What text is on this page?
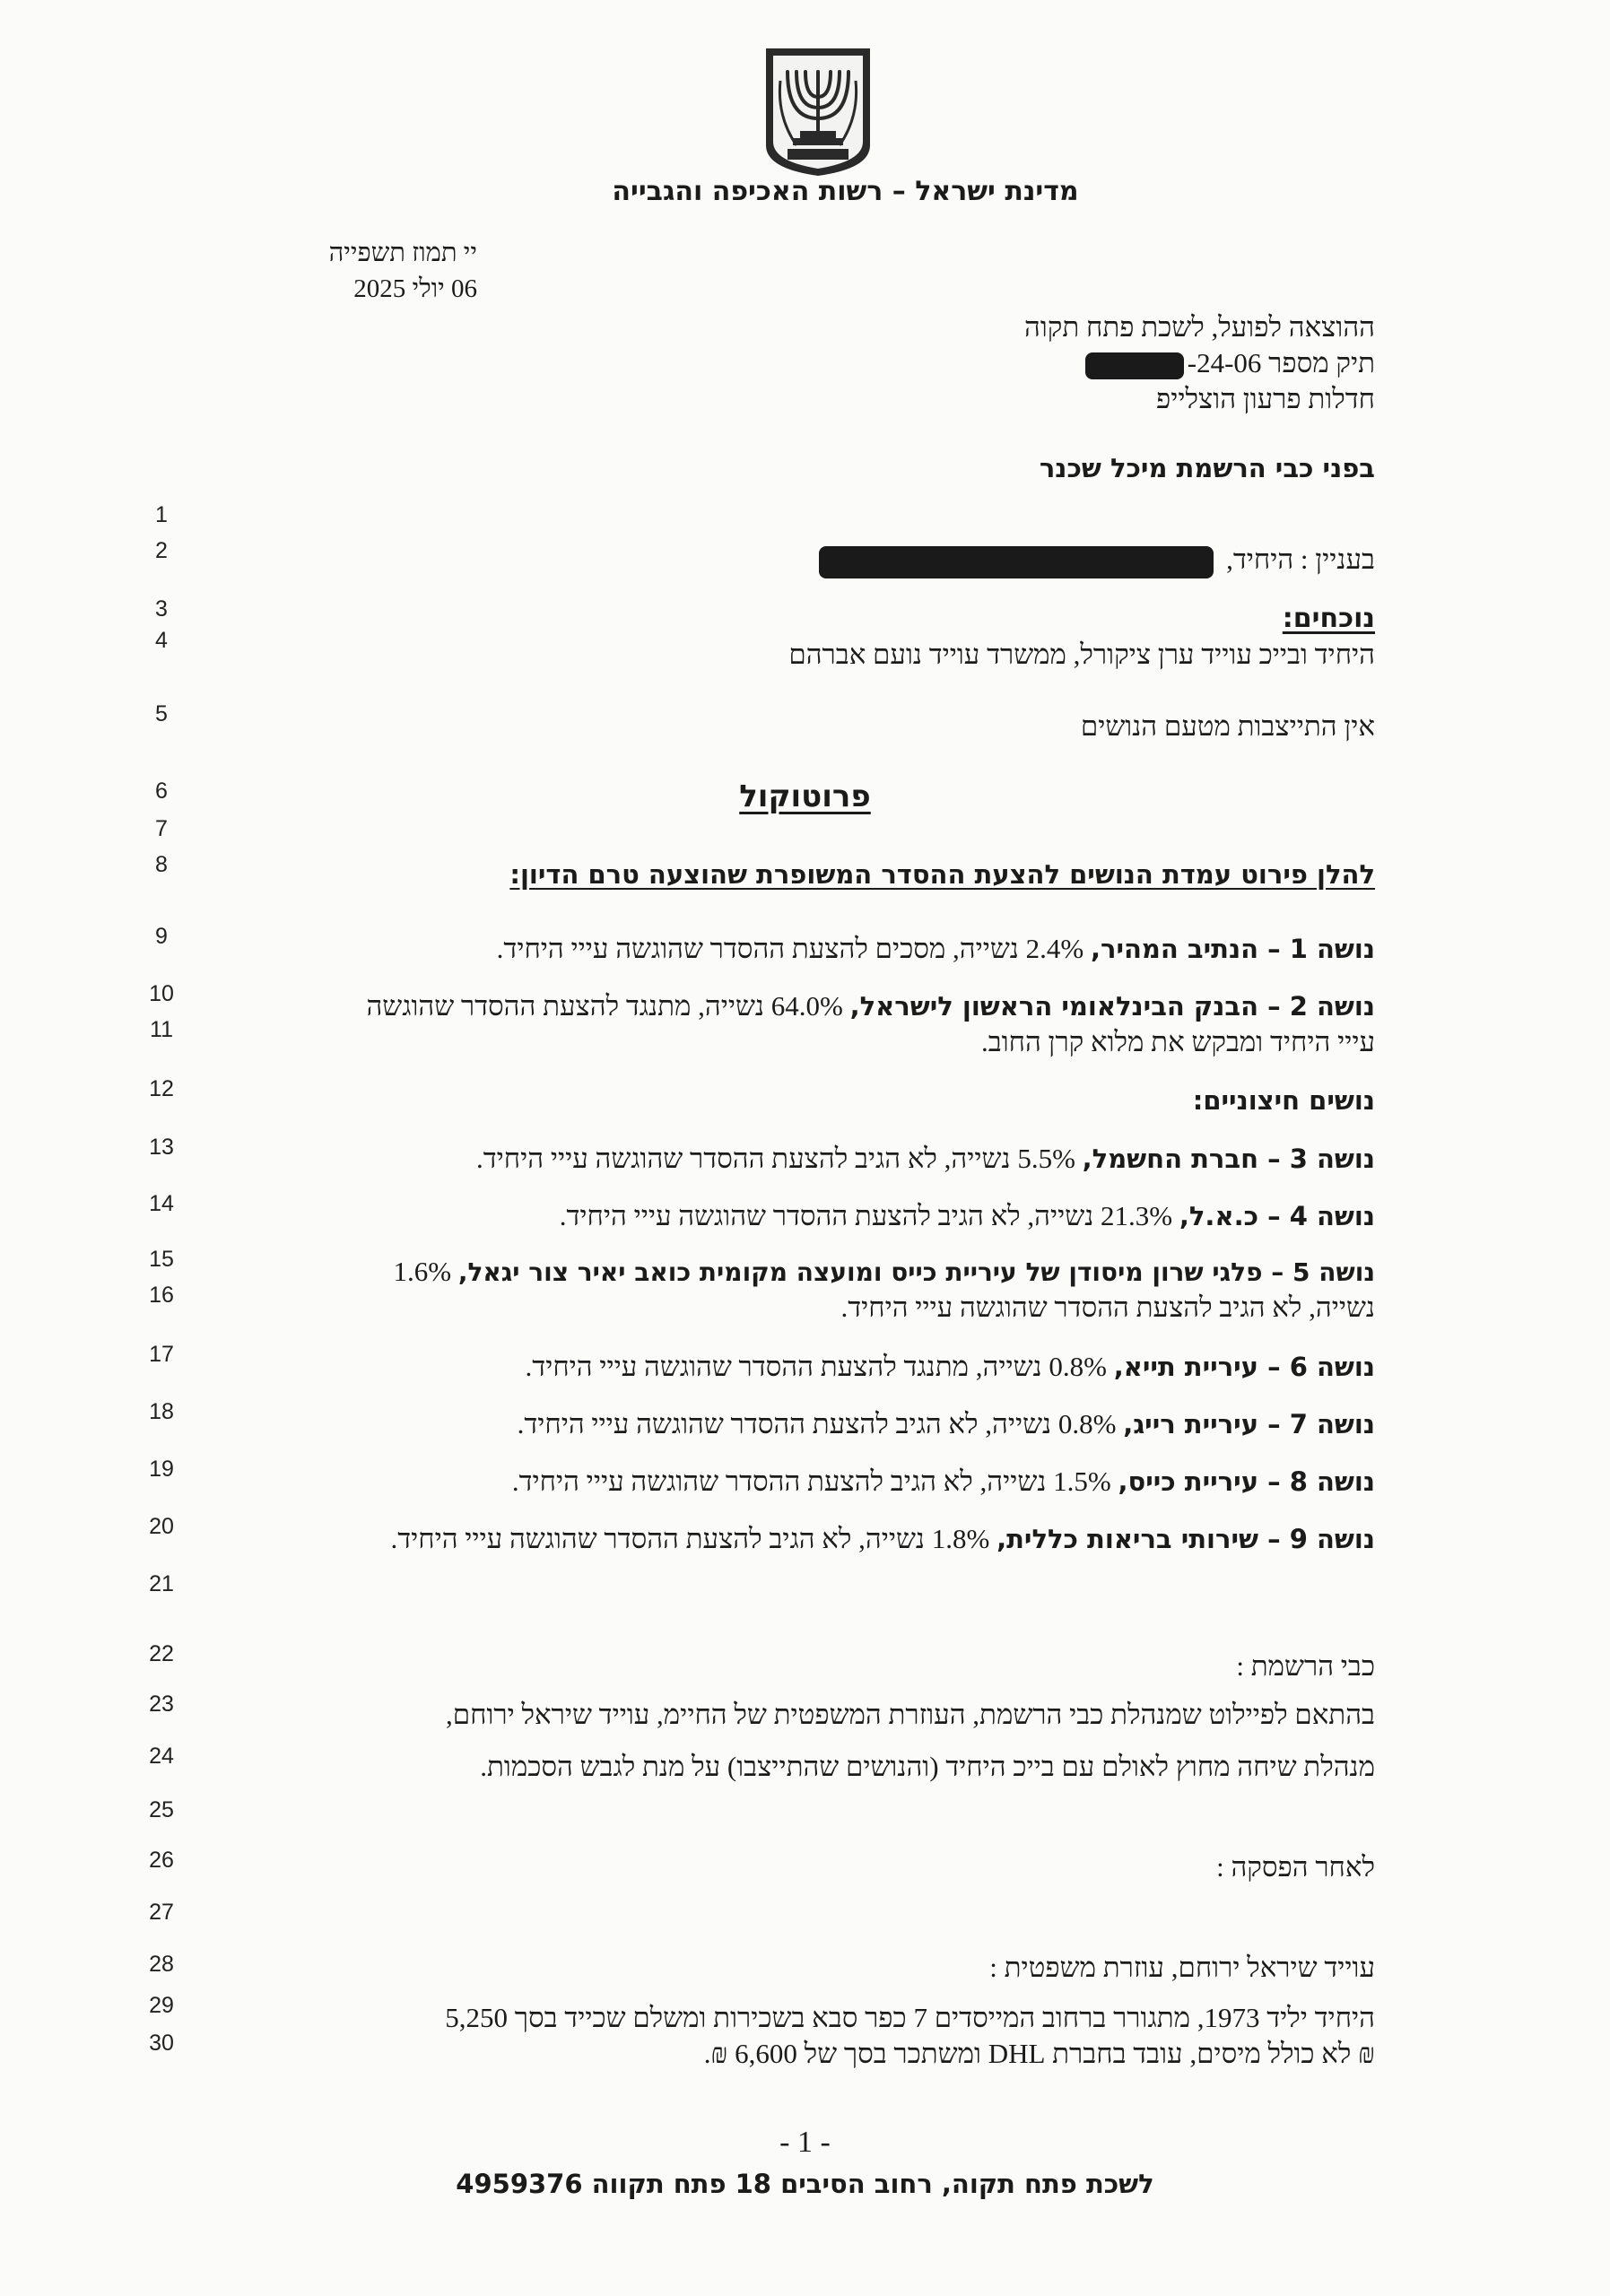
מדינת ישראל – רשות האכיפה והגבייה
יי תמוז תשפייה
06 יולי 2025
ההוצאה לפועל, לשכת פתח תקוה
תיק מספר 24-06-
חדלות פרעון הוצלייפ
בפני כבי הרשמת מיכל שכנר
1
2
3
4
5
6
7
8
9
10
11
12
13
14
15
16
17
18
19
20
21
22
23
24
25
26
27
28
29
30
בעניין : היחיד,
נוכחים:
היחיד ובייכ עוייד ערן ציקורל, ממשרד עוייד נועם אברהם
אין התייצבות מטעם הנושים
פרוטוקול
להלן פירוט עמדת הנושים להצעת ההסדר המשופרת שהוצעה טרם הדיון:
נושה 1 – הנתיב המהיר, 2.4% נשייה, מסכים להצעת ההסדר שהוגשה עייי היחיד.
נושה 2 – הבנק הבינלאומי הראשון לישראל, 64.0% נשייה, מתנגד להצעת ההסדר שהוגשה
עייי היחיד ומבקש את מלוא קרן החוב.
נושים חיצוניים:
נושה 3 – חברת החשמל, 5.5% נשייה, לא הגיב להצעת ההסדר שהוגשה עייי היחיד.
נושה 4 – כ.א.ל, 21.3% נשייה, לא הגיב להצעת ההסדר שהוגשה עייי היחיד.
נושה 5 – פלגי שרון מיסודן של עיריית כייס ומועצה מקומית כואב יאיר צור יגאל, 1.6%
נשייה, לא הגיב להצעת ההסדר שהוגשה עייי היחיד.
נושה 6 – עיריית תייא, 0.8% נשייה, מתנגד להצעת ההסדר שהוגשה עייי היחיד.
נושה 7 – עיריית רייג, 0.8% נשייה, לא הגיב להצעת ההסדר שהוגשה עייי היחיד.
נושה 8 – עיריית כייס, 1.5% נשייה, לא הגיב להצעת ההסדר שהוגשה עייי היחיד.
נושה 9 – שירותי בריאות כללית, 1.8% נשייה, לא הגיב להצעת ההסדר שהוגשה עייי היחיד.
כבי הרשמת :
בהתאם לפיילוט שמנהלת כבי הרשמת, העוזרת המשפטית של החיימ, עוייד שיראל ירוחם,
מנהלת שיחה מחוץ לאולם עם בייכ היחיד (והנושים שהתייצבו) על מנת לגבש הסכמות.
לאחר הפסקה :
עוייד שיראל ירוחם, עוזרת משפטית :
היחיד יליד 1973, מתגורר ברחוב המייסדים 7 כפר סבא בשכירות ומשלם שכייד בסך 5,250
₪ לא כולל מיסים, עובד בחברת DHL ומשתכר בסך של 6,600 ₪.
- 1 -
לשכת פתח תקוה, רחוב הסיבים 18 פתח תקווה 4959376
